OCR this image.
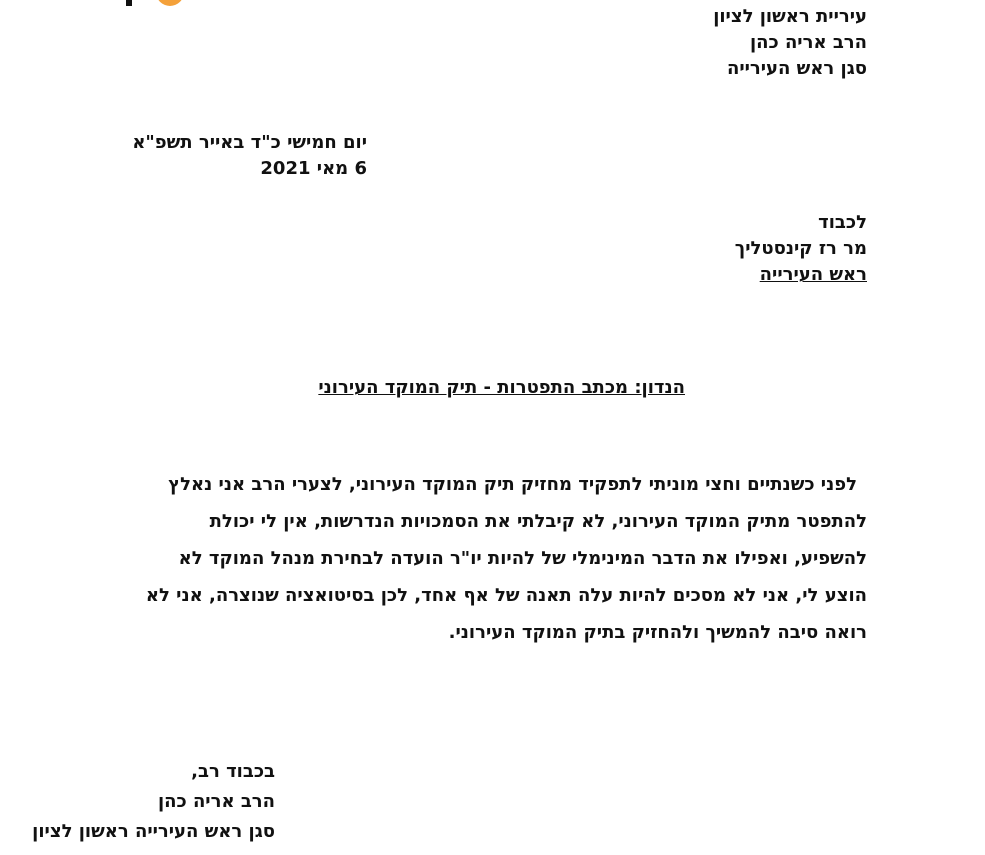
עיריית ראשון לציון
הרב אריה כהן
סגן ראש העירייה
יום חמישי כ"ד באייר תשפ"א
6 מאי 2021
לכבוד
מר רז קינסטליך
ראש העירייה
הנדון: מכתב התפטרות - תיק המוקד העירוני
לפני כשנתיים וחצי מוניתי לתפקיד מחזיק תיק המוקד העירוני, לצערי הרב אני נאלץ
להתפטר מתיק המוקד העירוני, לא קיבלתי את הסמכויות הנדרשות, אין לי יכולת
להשפיע, ואפילו את הדבר המינימלי של להיות יו"ר הועדה לבחירת מנהל המוקד לא
הוצע לי, אני לא מסכים להיות עלה תאנה של אף אחד, לכן בסיטואציה שנוצרה, אני לא
רואה סיבה להמשיך ולהחזיק בתיק המוקד העירוני.
בכבוד רב,
הרב אריה כהן
סגן ראש העירייה ראשון לציון
